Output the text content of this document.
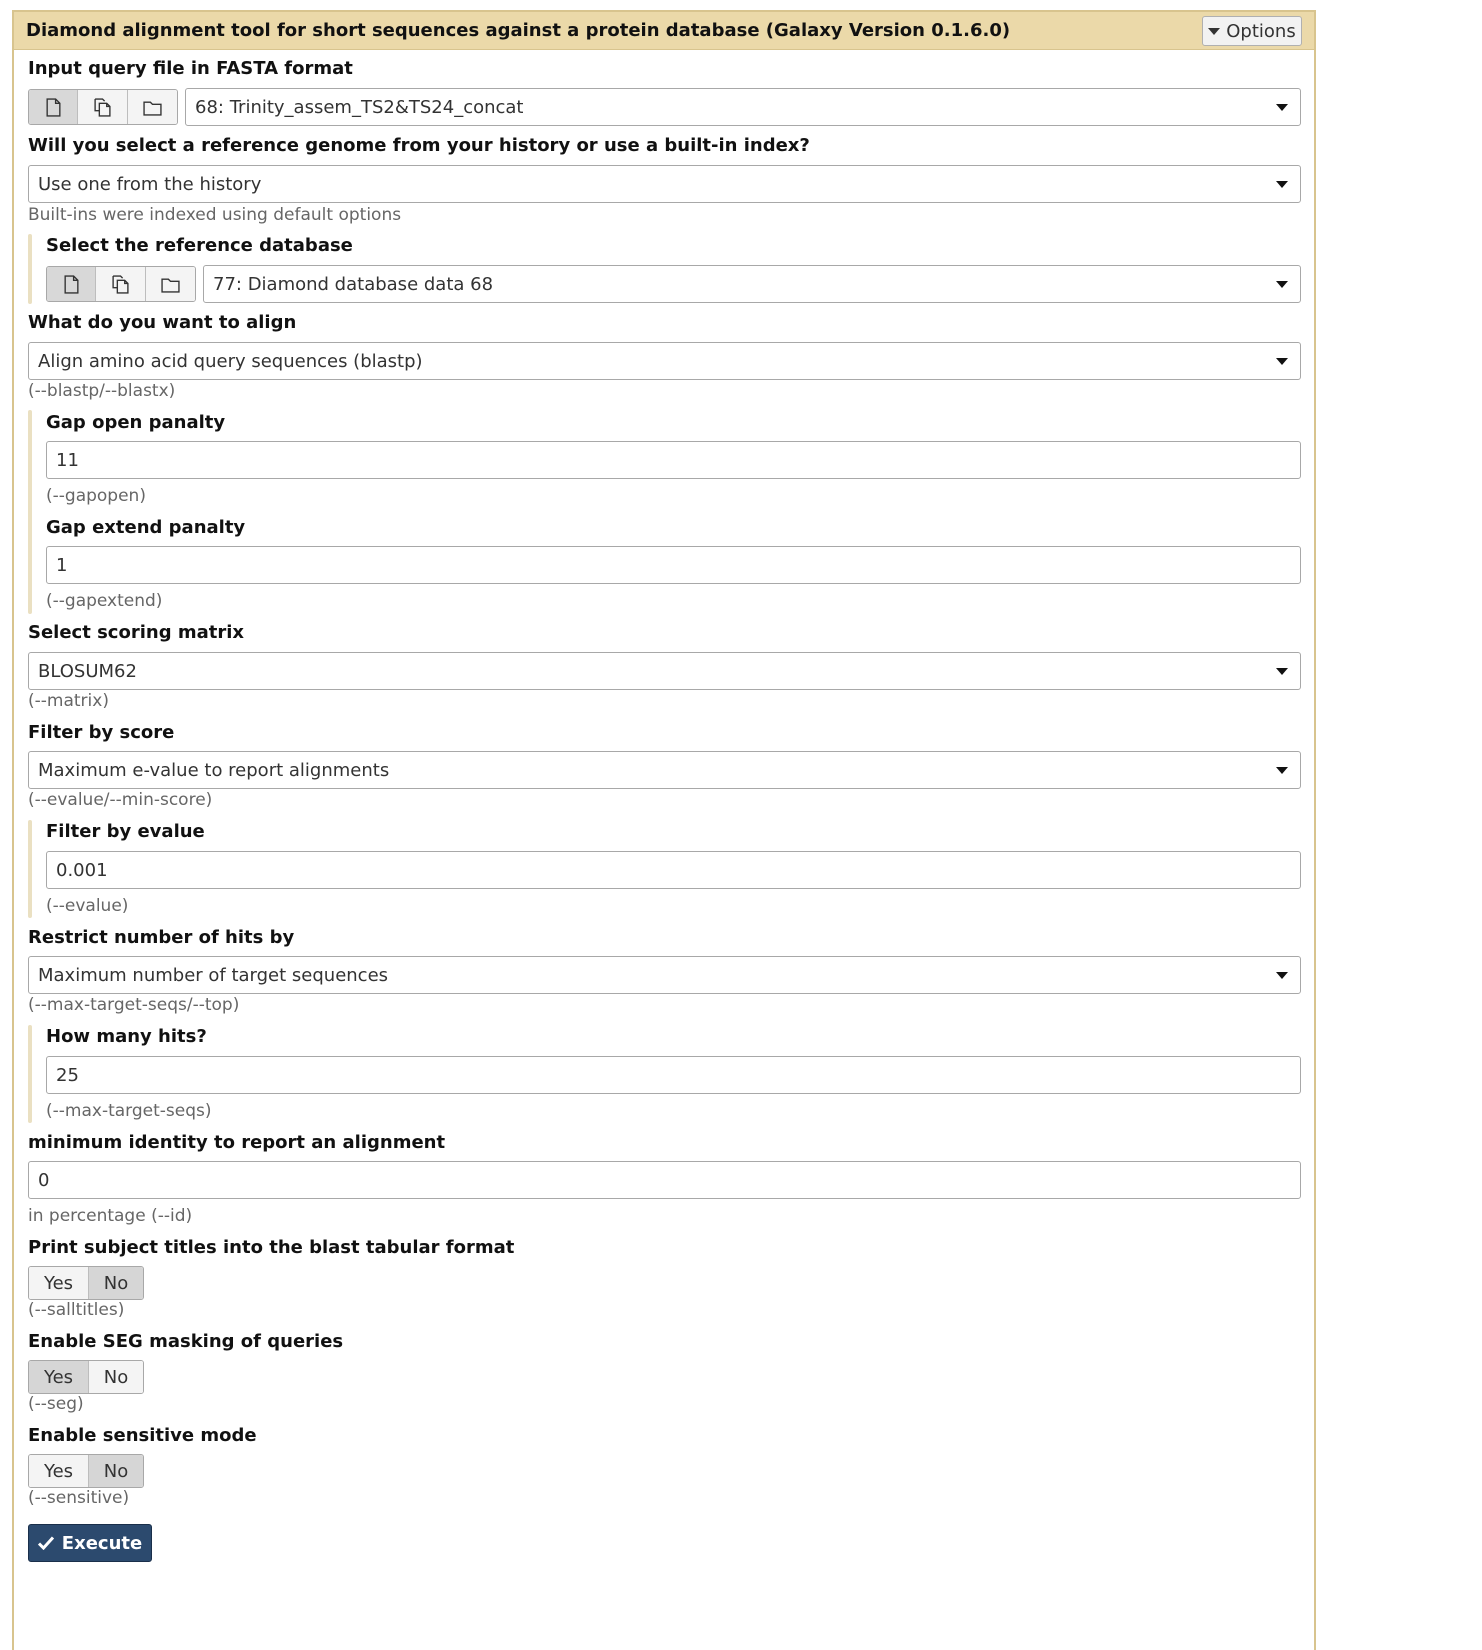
Diamond alignment tool for short sequences against a protein database (Galaxy Version 0.1.6.0)	Options
Input query file in FASTA format
68: Trinity_assem_TS2&TS24_concat
Will you select a reference genome from your history or use a built-in index?
Use one from the history
Built-ins were indexed using default options
Select the reference database
77: Diamond database data 68
What do you want to align
Align amino acid query sequences (blastp)
(--blastp/--blastx)
Gap open panalty
11
(--gapopen)
Gap extend panalty
1
(--gapextend)
Select scoring matrix
BLOSUM62
(--matrix)
Filter by score
Maximum e-value to report alignments
(--evalue/--min-score)
Filter by evalue
0.001
(--evalue)
Restrict number of hits by
Maximum number of target sequences
(--max-target-seqs/--top)
How many hits?
25
(--max-target-seqs)
minimum identity to report an alignment
0
in percentage (--id)
Print subject titles into the blast tabular format
Yes	No
(--salltitles)
Enable SEG masking of queries
Yes	No
(--seg)
Enable sensitive mode
Yes	No
(--sensitive)
Execute
